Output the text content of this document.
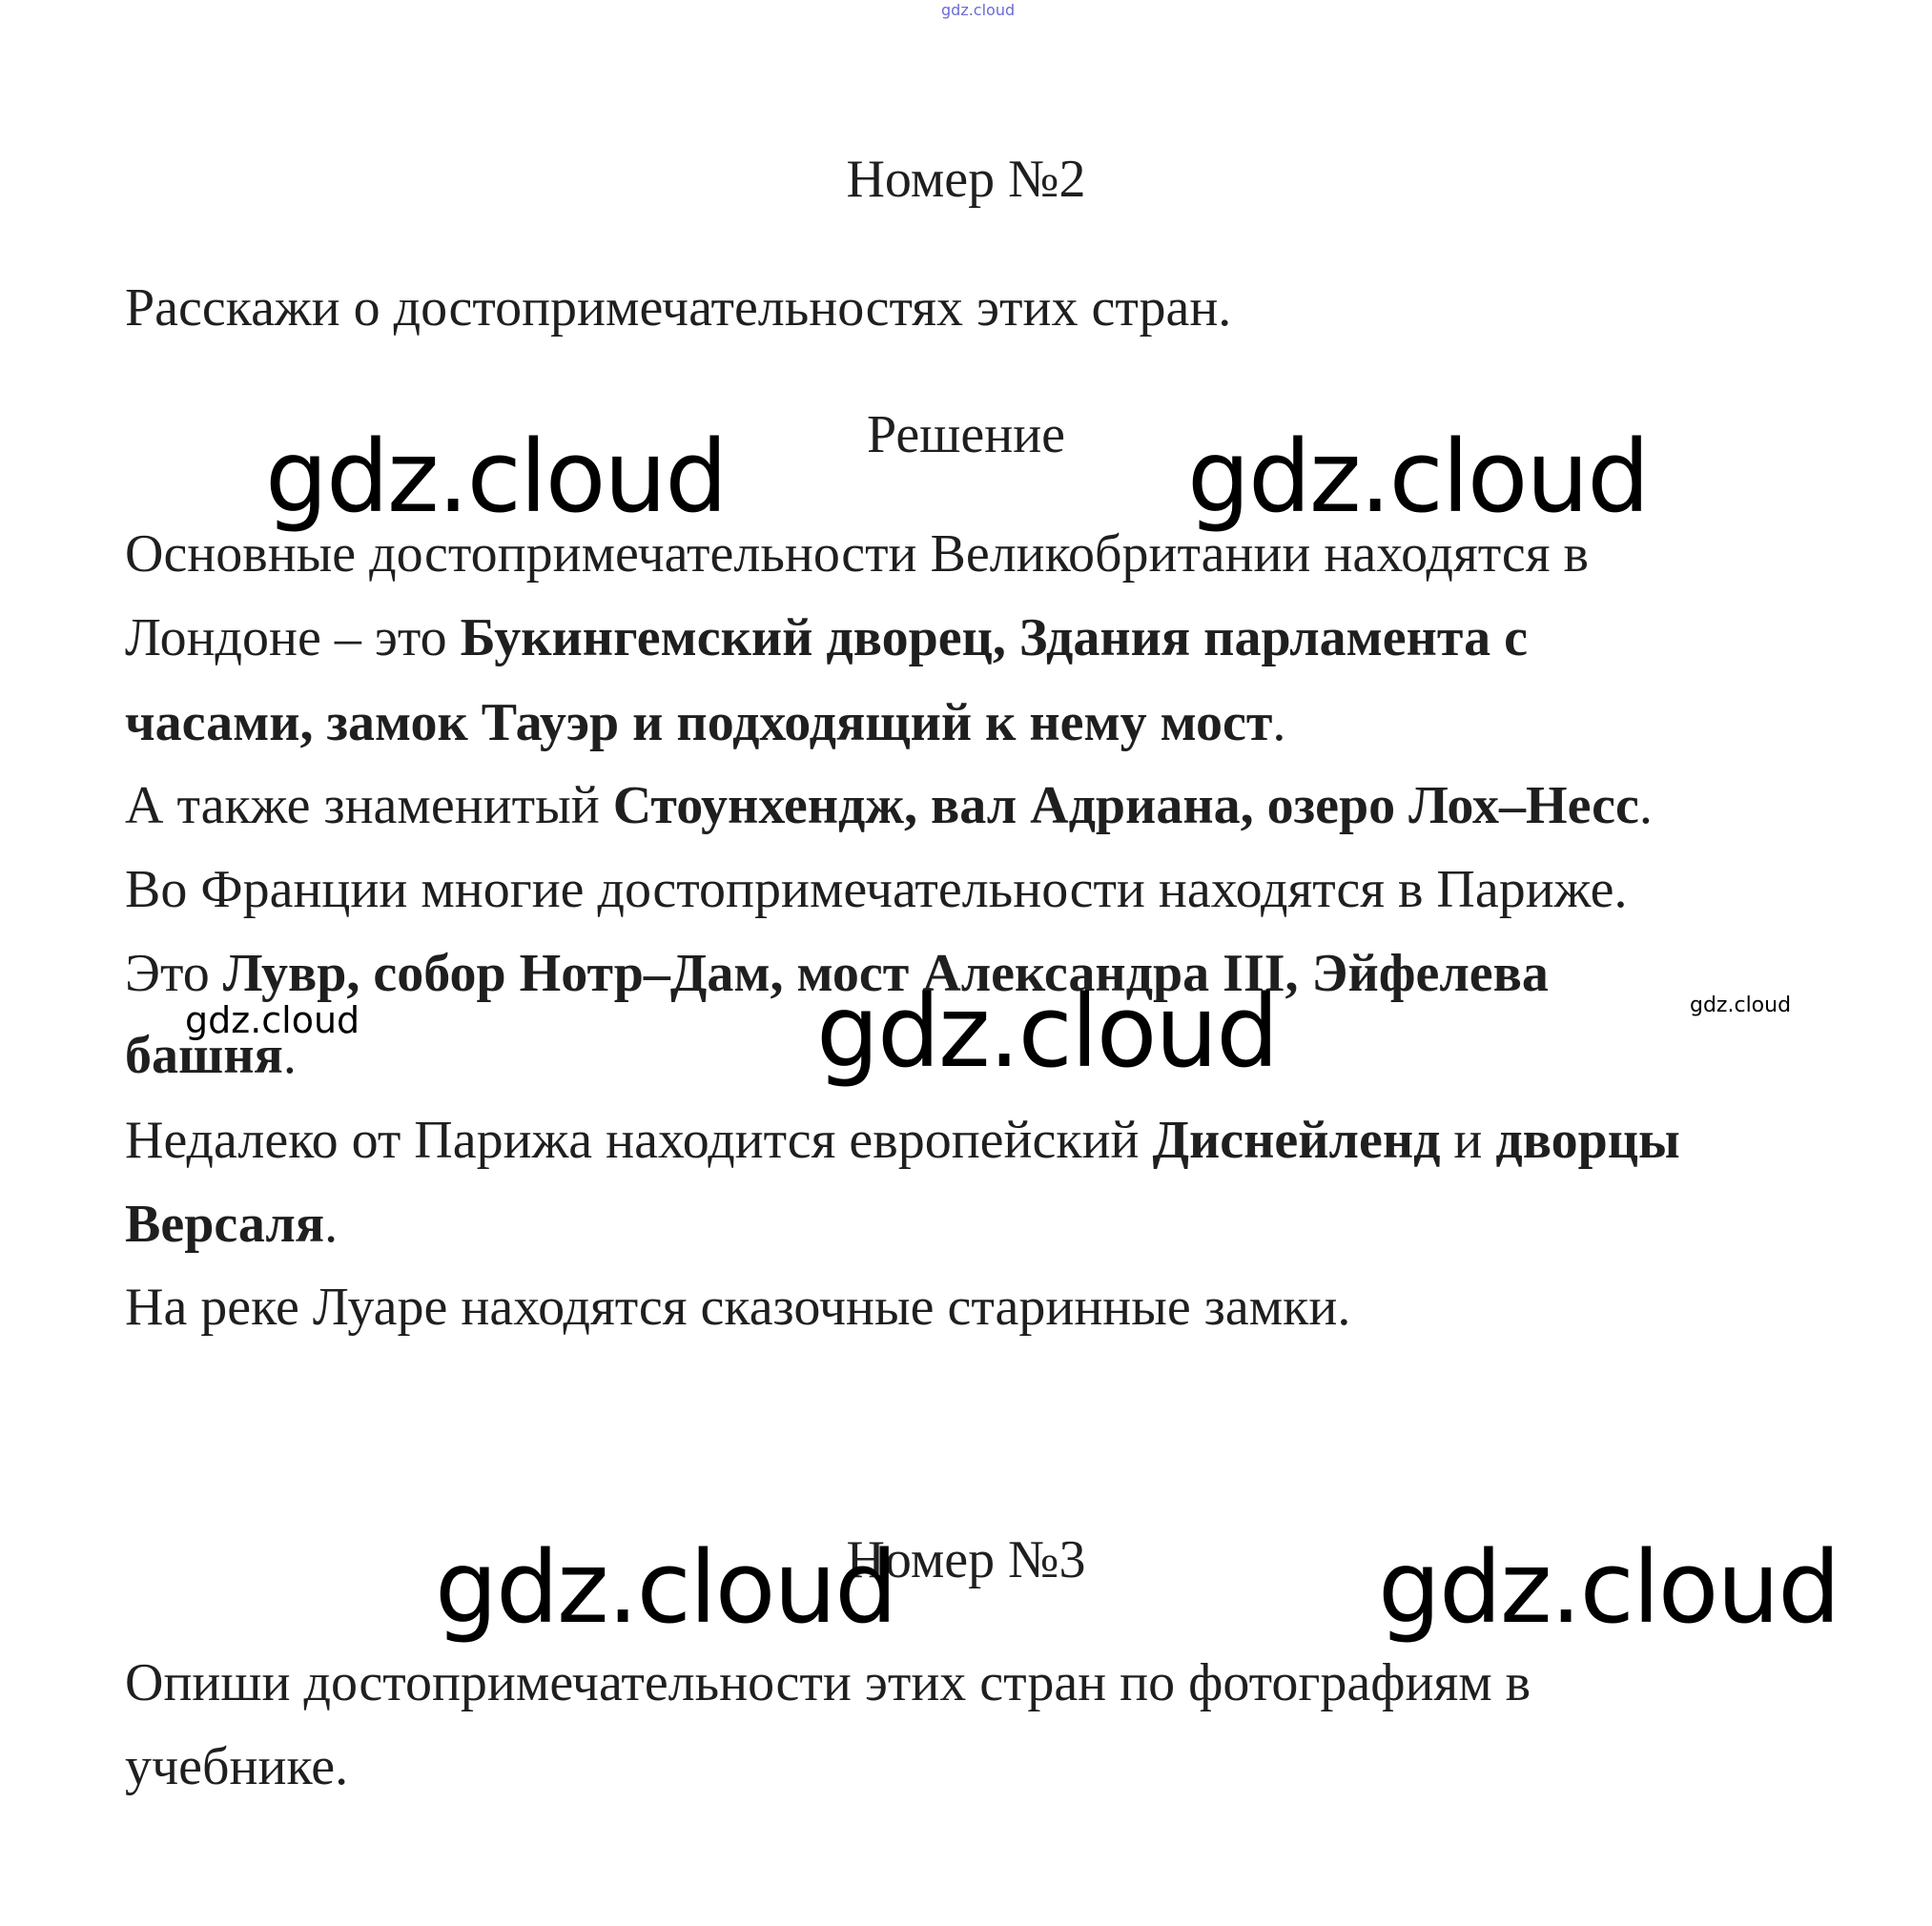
gdz.cloud
Номер №2
Расскажи о достопримечательностях этих стран.
Решение
Основные достопримечательности Великобритании находятся в
Лондоне – это Букингемский дворец, Здания парламента с
часами, замок Тауэр и подходящий к нему мост.
А также знаменитый Стоунхендж, вал Адриана, озеро Лох–Несс.
Во Франции многие достопримечательности находятся в Париже.
Это Лувр, собор Нотр–Дам, мост Александра III, Эйфелева
башня.
Недалеко от Парижа находится европейский Диснейленд и дворцы
Версаля.
На реке Луаре находятся сказочные старинные замки.
Номер №3
Опиши достопримечательности этих стран по фотографиям в
учебнике.
gdz.cloud	gdz.cloud
gdz.cloud	gdz.cloud	gdz.cloud
gdz.cloud	gdz.cloud
